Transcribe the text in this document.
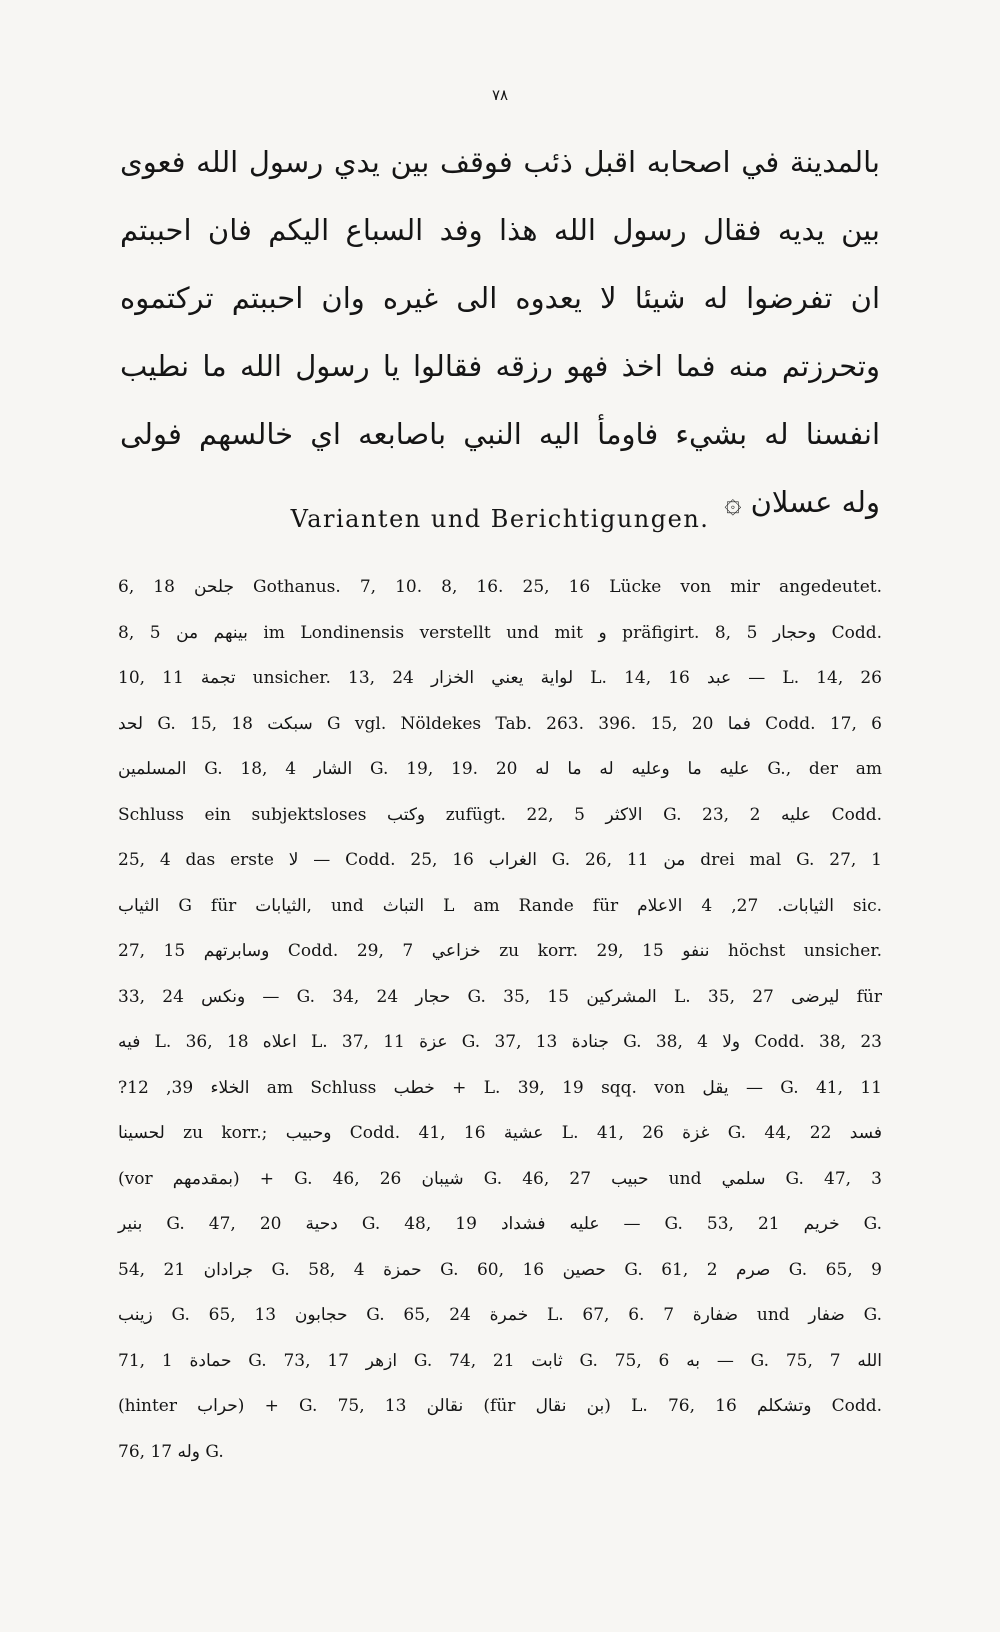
٧٨
بالمدينة في اصحابه اقبل ذئب فوقف بين يدي رسول الله فعوى
بين يديه فقال رسول الله هذا وفد السباع اليكم فان احببتم
ان تفرضوا له شيئا لا يعدوه الى غيره وان احببتم تركتموه
وتحرزتم منه فما اخذ فهو رزقه فقالوا يا رسول الله ما نطيب
انفسنا له بشيء فاومأ اليه النبي باصابعه اي خالسهم فولى
وله عسلان ۞
Varianten und Berichtigungen.
6, 18 جلحن Gothanus. 7, 10. 8, 16. 25, 16 Lücke von mir angedeutet.
8, 5 بينهم من im Londinensis verstellt und mit و präfigirt. 8, 5 وحجار Codd.
10, 11 تجمة unsicher. 13, 24 لواية يعني الخزار L. 14, 16 عبد — L. 14, 26
لحد G. 15, 18 سبكت G vgl. Nöldekes Tab. 263. 396. 15, 20 فما Codd. 17, 6
المسلمين G. 18, 4 الشار G. 19, 19. 20 عليه ما وعليه له ما له G., der am
Schluss ein subjektsloses وكتب zufügt. 22, 5 الاكثر G. 23, 2 عليه Codd.
25, 4 das erste لا — Codd. 25, 16 الغراب G. 26, 11 من drei mal G. 27, 1
الثياب G für الثيابات, und التباث L am Rande für الثيابات. 27, 4 الاعلام sic.
27, 15 وسابرتهم Codd. 29, 7 خزاعي zu korr. 29, 15 ننفو höchst unsicher.
33, 24 ونكس — G. 34, 24 حجار G. 35, 15 المشركين L. 35, 27 ليرضى für
فيه L. 36, 18 اعلاه L. 37, 11 عزة G. 37, 13 جنادة G. 38, 4 ولا Codd. 38, 23
?الخلاء 39, 12 am Schluss خطب + L. 39, 19 sqq. von يقل — G. 41, 11
لحسينا zu korr.; وحبيب Codd. 41, 16 عشية L. 41, 26 غزة G. 44, 22 فسد
(vor بمقدمهم) + G. 46, 26 شيبان G. 46, 27 حبيب und سلمي G. 47, 3
بنير G. 47, 20 دحية G. 48, 19 عليه فشداد — G. 53, 21 خريم G.
54, 21 جرادان G. 58, 4 حمزة G. 60, 16 حصين G. 61, 2 صرم G. 65, 9
زينب G. 65, 13 حجابون G. 65, 24 خمرة L. 67, 6. 7 ضفارة und ضفار G.
71, 1 حمادة G. 73, 17 ازهر G. 74, 21 ثابت G. 75, 6 به — G. 75, 7 الله
(hinter حراب) + G. 75, 13 نقالن (für بن نقال) L. 76, 16 وتشكلم Codd.
76, 17 وله G.
